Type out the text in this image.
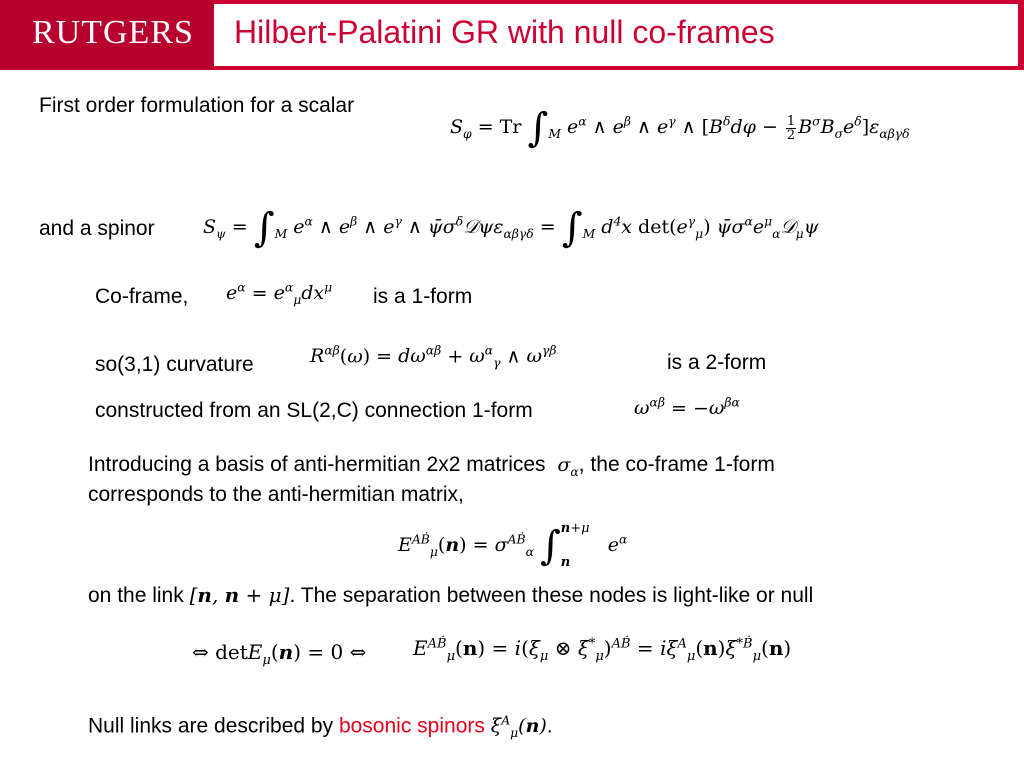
RUTGERS Hilbert-Palatini GR with null co-frames
First order formulation for a scalar
$S_\varphi = Tr$ $\int_M$ $e^\alpha$ ∧ $e^\beta$ ∧ $e^\gamma$ ∧ $[B^\delta d\varphi - \frac{1}{2} B^\sigma B_\sigma e^\delta]\varepsilon_{\alpha\beta\gamma\delta}$
and a spinor	$S_\psi = \int_M$ $e^\alpha$ ∧ $e^\beta$ ∧ $e^\gamma$ ∧ $\psī\sigma^\delta 𝒟\psi\varepsilon_{\alpha\beta\gamma\delta} = \int_M$ $d^4x$ $\det(e^\gamma_\mu)$ $\psī\sigma^\alpha e^\mu_\alpha 𝒟_\mu\psi$
Co-frame, $e^\alpha = e^\alpha_\mu dx^\mu$ is a 1-form
so(3,1) curvature	$R^{\alpha\beta}(\omega) = d\omega^{\alpha\beta} + \omega^\alpha_\gamma$ ∧ $\omega^{\gamma\beta}$	is a 2-form
constructed from an SL(2,C) connection 1-form	$\omega^{\alpha\beta} = -\omega^{\beta\alpha}$
Introducing a basis of anti-hermitian 2x2 matrices  $\sigma_\alpha$, the co-frame 1-form
corresponds to the anti-hermitian matrix,
$E^{AḂ}_\mu(n) = \sigma^{AḂ}_\alpha$ ∫ n+μ
n
$e^\alpha$
on the link [n, n + μ]. The separation between these nodes is light-like or null
⇔ detE$_\mu$(n) = 0 ⇔ $E^{AḂ}_\mu(n) = i(\xi_\mu$ ⊗ $\xi^*_\mu)^{AḂ} = i\xi^A_\mu(n)\xi^{*Ḃ}_\mu(n)$
Null links are described by bosonic spinors $\xi^A_\mu(n)$.
